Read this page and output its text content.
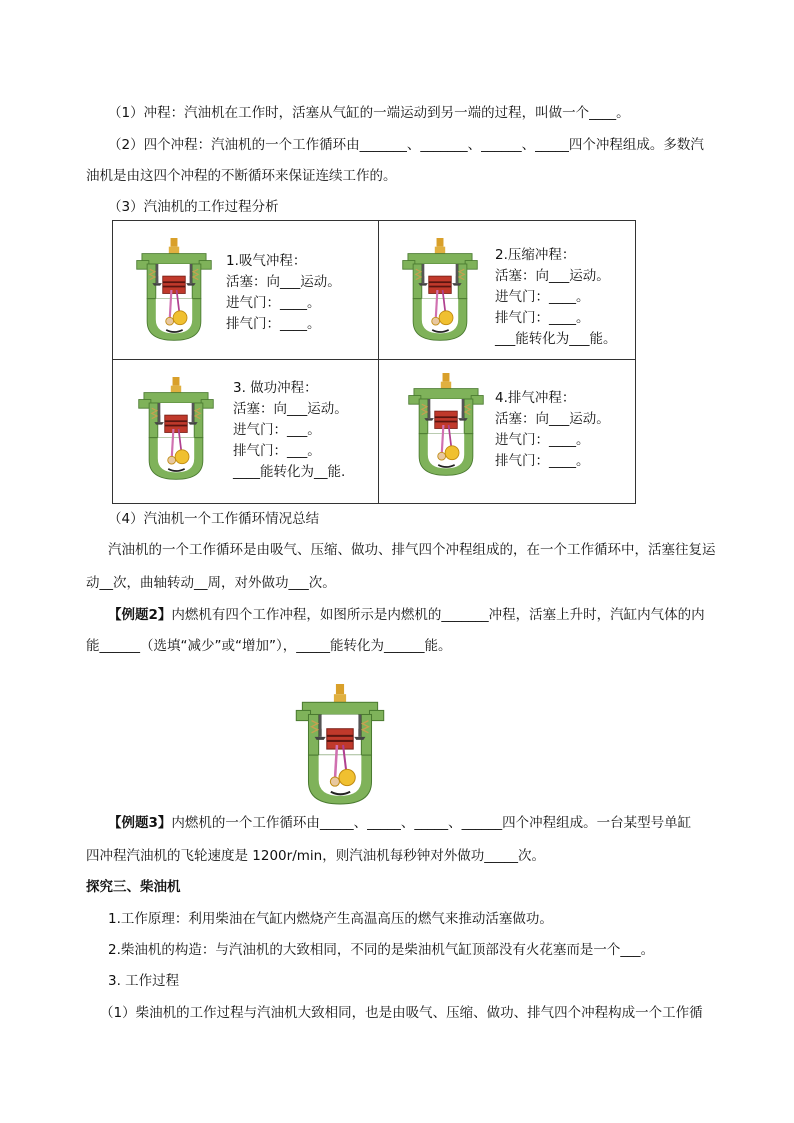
（1）冲程：汽油机在工作时，活塞从气缸的一端运动到另一端的过程，叫做一个____。
（2）四个冲程：汽油机的一个工作循环由_______、_______、______、_____四个冲程组成。多数汽
油机是由这四个冲程的不断循环来保证连续工作的。
（3）汽油机的工作过程分析
1.吸气冲程：
活塞：向___运动。
进气门：____。
排气门：____。
2.压缩冲程：
活塞：向___运动。
进气门：____。
排气门：____。
___能转化为___能。
3. 做功冲程：
活塞：向___运动。
进气门：___。
排气门：___。
____能转化为__能.
4.排气冲程：
活塞：向___运动。
进气门：____。
排气门：____。
（4）汽油机一个工作循环情况总结
汽油机的一个工作循环是由吸气、压缩、做功、排气四个冲程组成的，在一个工作循环中，活塞往复运
动__次，曲轴转动__周，对外做功___次。
【例题2】内燃机有四个工作冲程，如图所示是内燃机的_______冲程，活塞上升时，汽缸内气体的内
能______（选填“减少”或“增加”），_____能转化为______能。
【例题3】内燃机的一个工作循环由_____、_____、_____、______四个冲程组成。一台某型号单缸
四冲程汽油机的飞轮速度是 1200r/min，则汽油机每秒钟对外做功_____次。
探究三、柴油机
1.工作原理：利用柴油在气缸内燃烧产生高温高压的燃气来推动活塞做功。
2.柴油机的构造：与汽油机的大致相同，不同的是柴油机气缸顶部没有火花塞而是一个___。
3. 工作过程
（1）柴油机的工作过程与汽油机大致相同，也是由吸气、压缩、做功、排气四个冲程构成一个工作循
